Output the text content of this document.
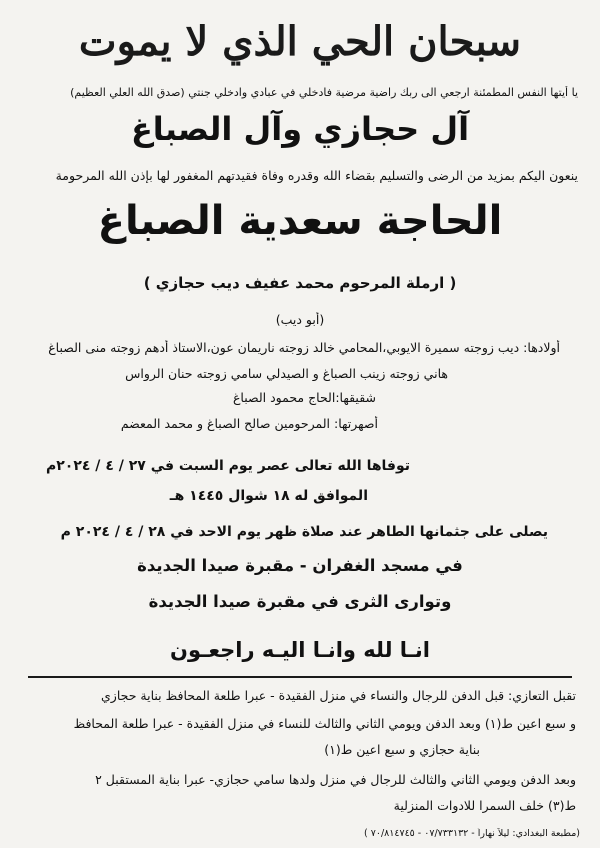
سبحان الحي الذي لا يموت
يا أيتها النفس المطمئنة ارجعي الى ربك راضية مرضية فادخلي في عبادي وادخلي جنتي (صدق الله العلي العظيم)
آل حجازي وآل الصباغ
ينعون اليكم بمزيد من الرضى والتسليم بقضاء الله وقدره وفاة فقيدتهم المغفور لها بإذن الله المرحومة
الحاجة سعدية الصباغ
( ارملة المرحوم محمد عفيف ديب حجازي )
(أبو ديب)
أولادها: ديب زوجته سميرة الايوبي،المحامي خالد زوجته ناريمان عون،الاستاذ أدهم زوجته منى الصباغ
هاني زوجته زينب الصباغ و الصيدلي سامي زوجته حنان الرواس
شقيقها:الحاج محمود الصباغ
أصهرتها: المرحومين صالح الصباغ و محمد المعضم
توفاها الله تعالى عصر يوم السبت في ٢٧ / ٤ / ٢٠٢٤م
الموافق له ١٨ شوال ١٤٤٥ هـ
يصلى على جثمانها الطاهر عند صلاة ظهر يوم الاحد في ٢٨ / ٤ / ٢٠٢٤ م
في مسجد الغفران - مقبرة صيدا الجديدة
وتوارى الثرى في مقبرة صيدا الجديدة
انـا لله وانـا اليـه راجعـون
تقبل التعازي: قبل الدفن للرجال والنساء في منزل الفقيدة - عبرا طلعة المحافظ بناية حجازي
و سبع اعين ط(١) وبعد الدفن ويومي الثاني والثالث للنساء في منزل الفقيدة - عبرا طلعة المحافظ
بناية حجازي و سبع اعين ط(١)
وبعد الدفن ويومي الثاني والثالث للرجال في منزل ولدها سامي حجازي- عبرا بناية المستقبل ٢
ط(٣) خلف السمرا للادوات المنزلية
(مطبعة البغدادي: ليلاً نهاراً - ٠٧/٧٣٣١٣٢ - ٧٠/٨١٤٧٤٥ )
